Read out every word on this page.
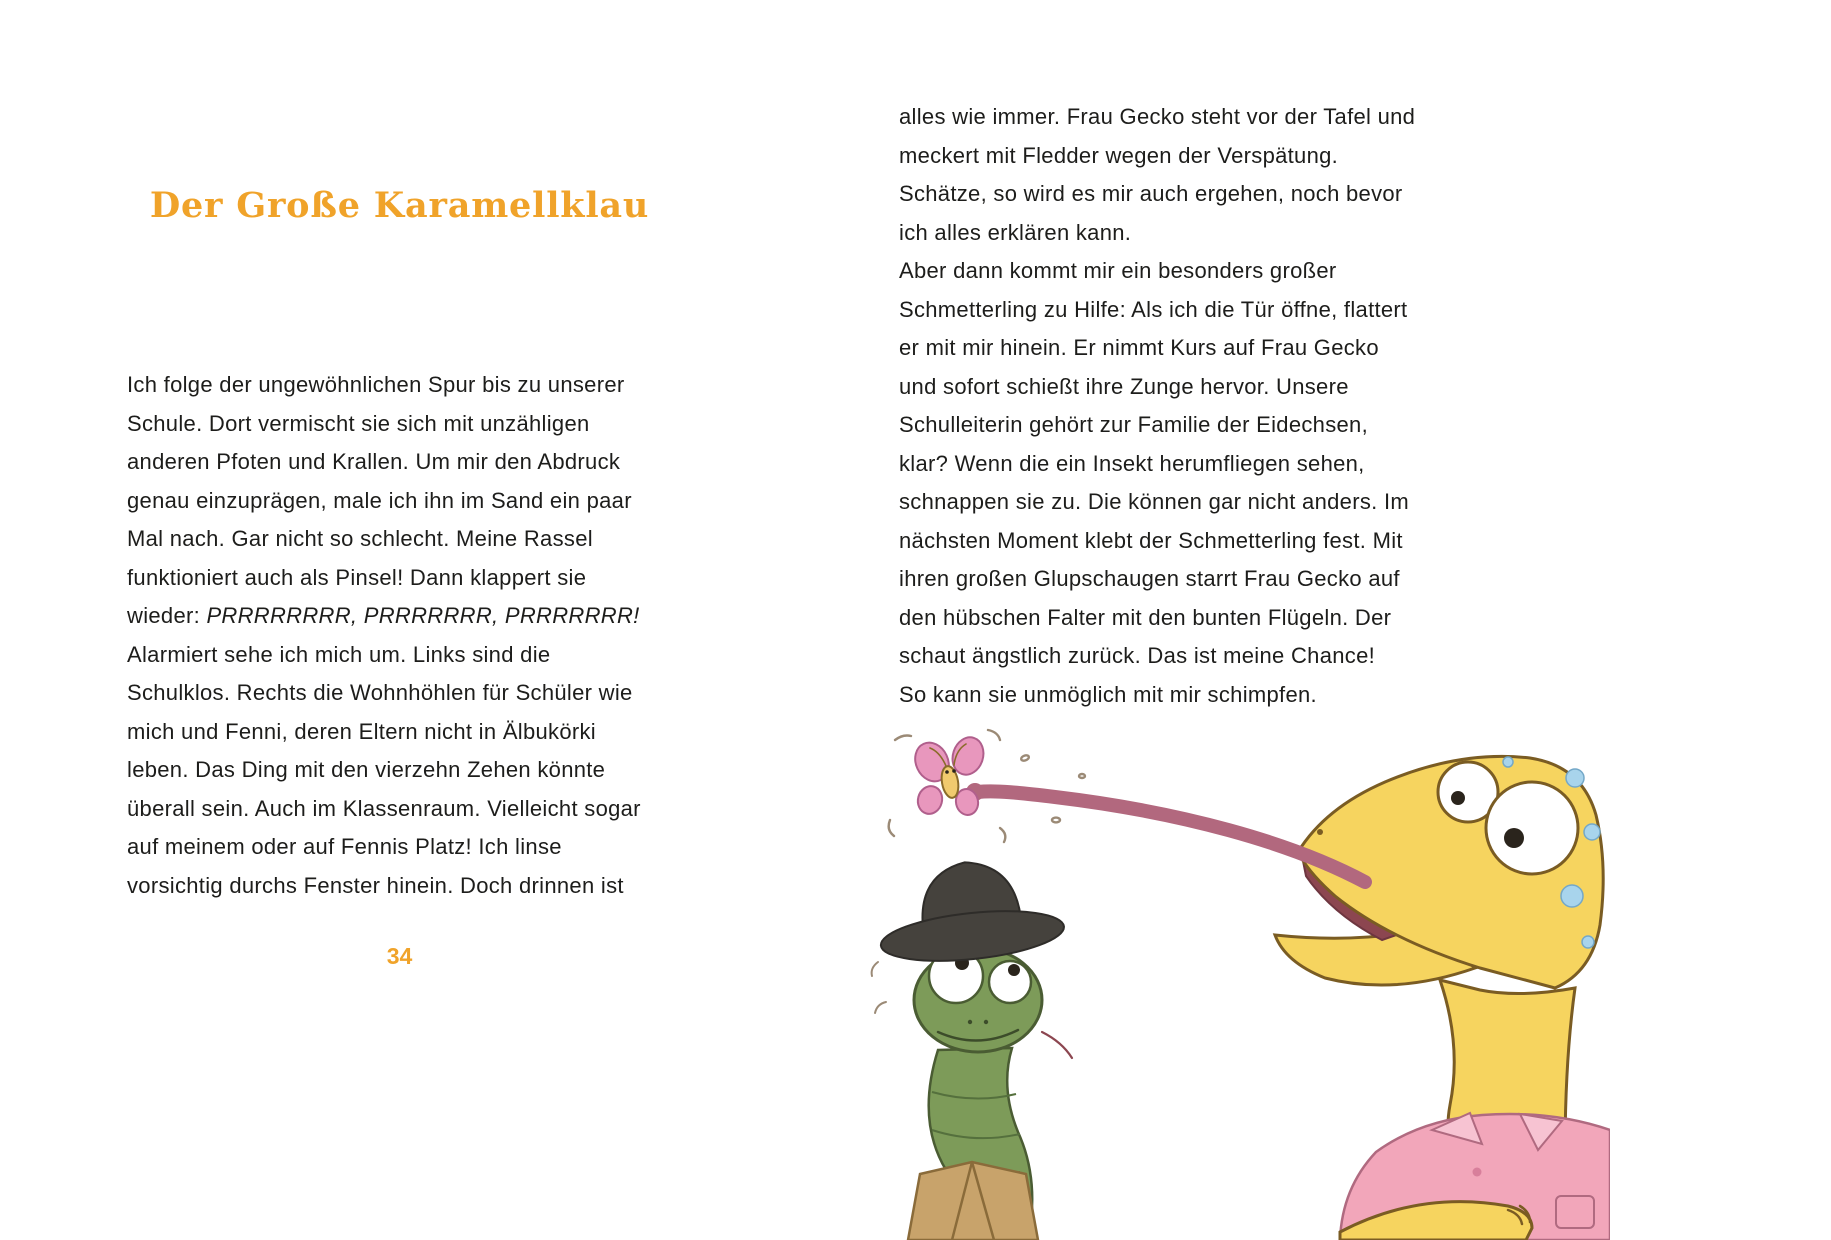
Der Große Karamellklau
Ich folge der ungewöhnlichen Spur bis zu unserer
Schule. Dort vermischt sie sich mit unzähligen
anderen Pfoten und Krallen. Um mir den Abdruck
genau einzuprägen, male ich ihn im Sand ein paar
Mal nach. Gar nicht so schlecht. Meine Rassel
funktioniert auch als Pinsel! Dann klappert sie
wieder: PRRRRRRRR, PRRRRRRR, PRRRRRRR!
Alarmiert sehe ich mich um. Links sind die
Schulklos. Rechts die Wohnhöhlen für Schüler wie
mich und Fenni, deren Eltern nicht in Älbukörki
leben. Das Ding mit den vierzehn Zehen könnte
überall sein. Auch im Klassenraum. Vielleicht sogar
auf meinem oder auf Fennis Platz! Ich linse
vorsichtig durchs Fenster hinein. Doch drinnen ist
34
alles wie immer. Frau Gecko steht vor der Tafel und
meckert mit Fledder wegen der Verspätung.
Schätze, so wird es mir auch ergehen, noch bevor
ich alles erklären kann.
Aber dann kommt mir ein besonders großer
Schmetterling zu Hilfe: Als ich die Tür öffne, flattert
er mit mir hinein. Er nimmt Kurs auf Frau Gecko
und sofort schießt ihre Zunge hervor. Unsere
Schulleiterin gehört zur Familie der Eidechsen,
klar? Wenn die ein Insekt herumfliegen sehen,
schnappen sie zu. Die können gar nicht anders. Im
nächsten Moment klebt der Schmetterling fest. Mit
ihren großen Glupschaugen starrt Frau Gecko auf
den hübschen Falter mit den bunten Flügeln. Der
schaut ängstlich zurück. Das ist meine Chance!
So kann sie unmöglich mit mir schimpfen.
